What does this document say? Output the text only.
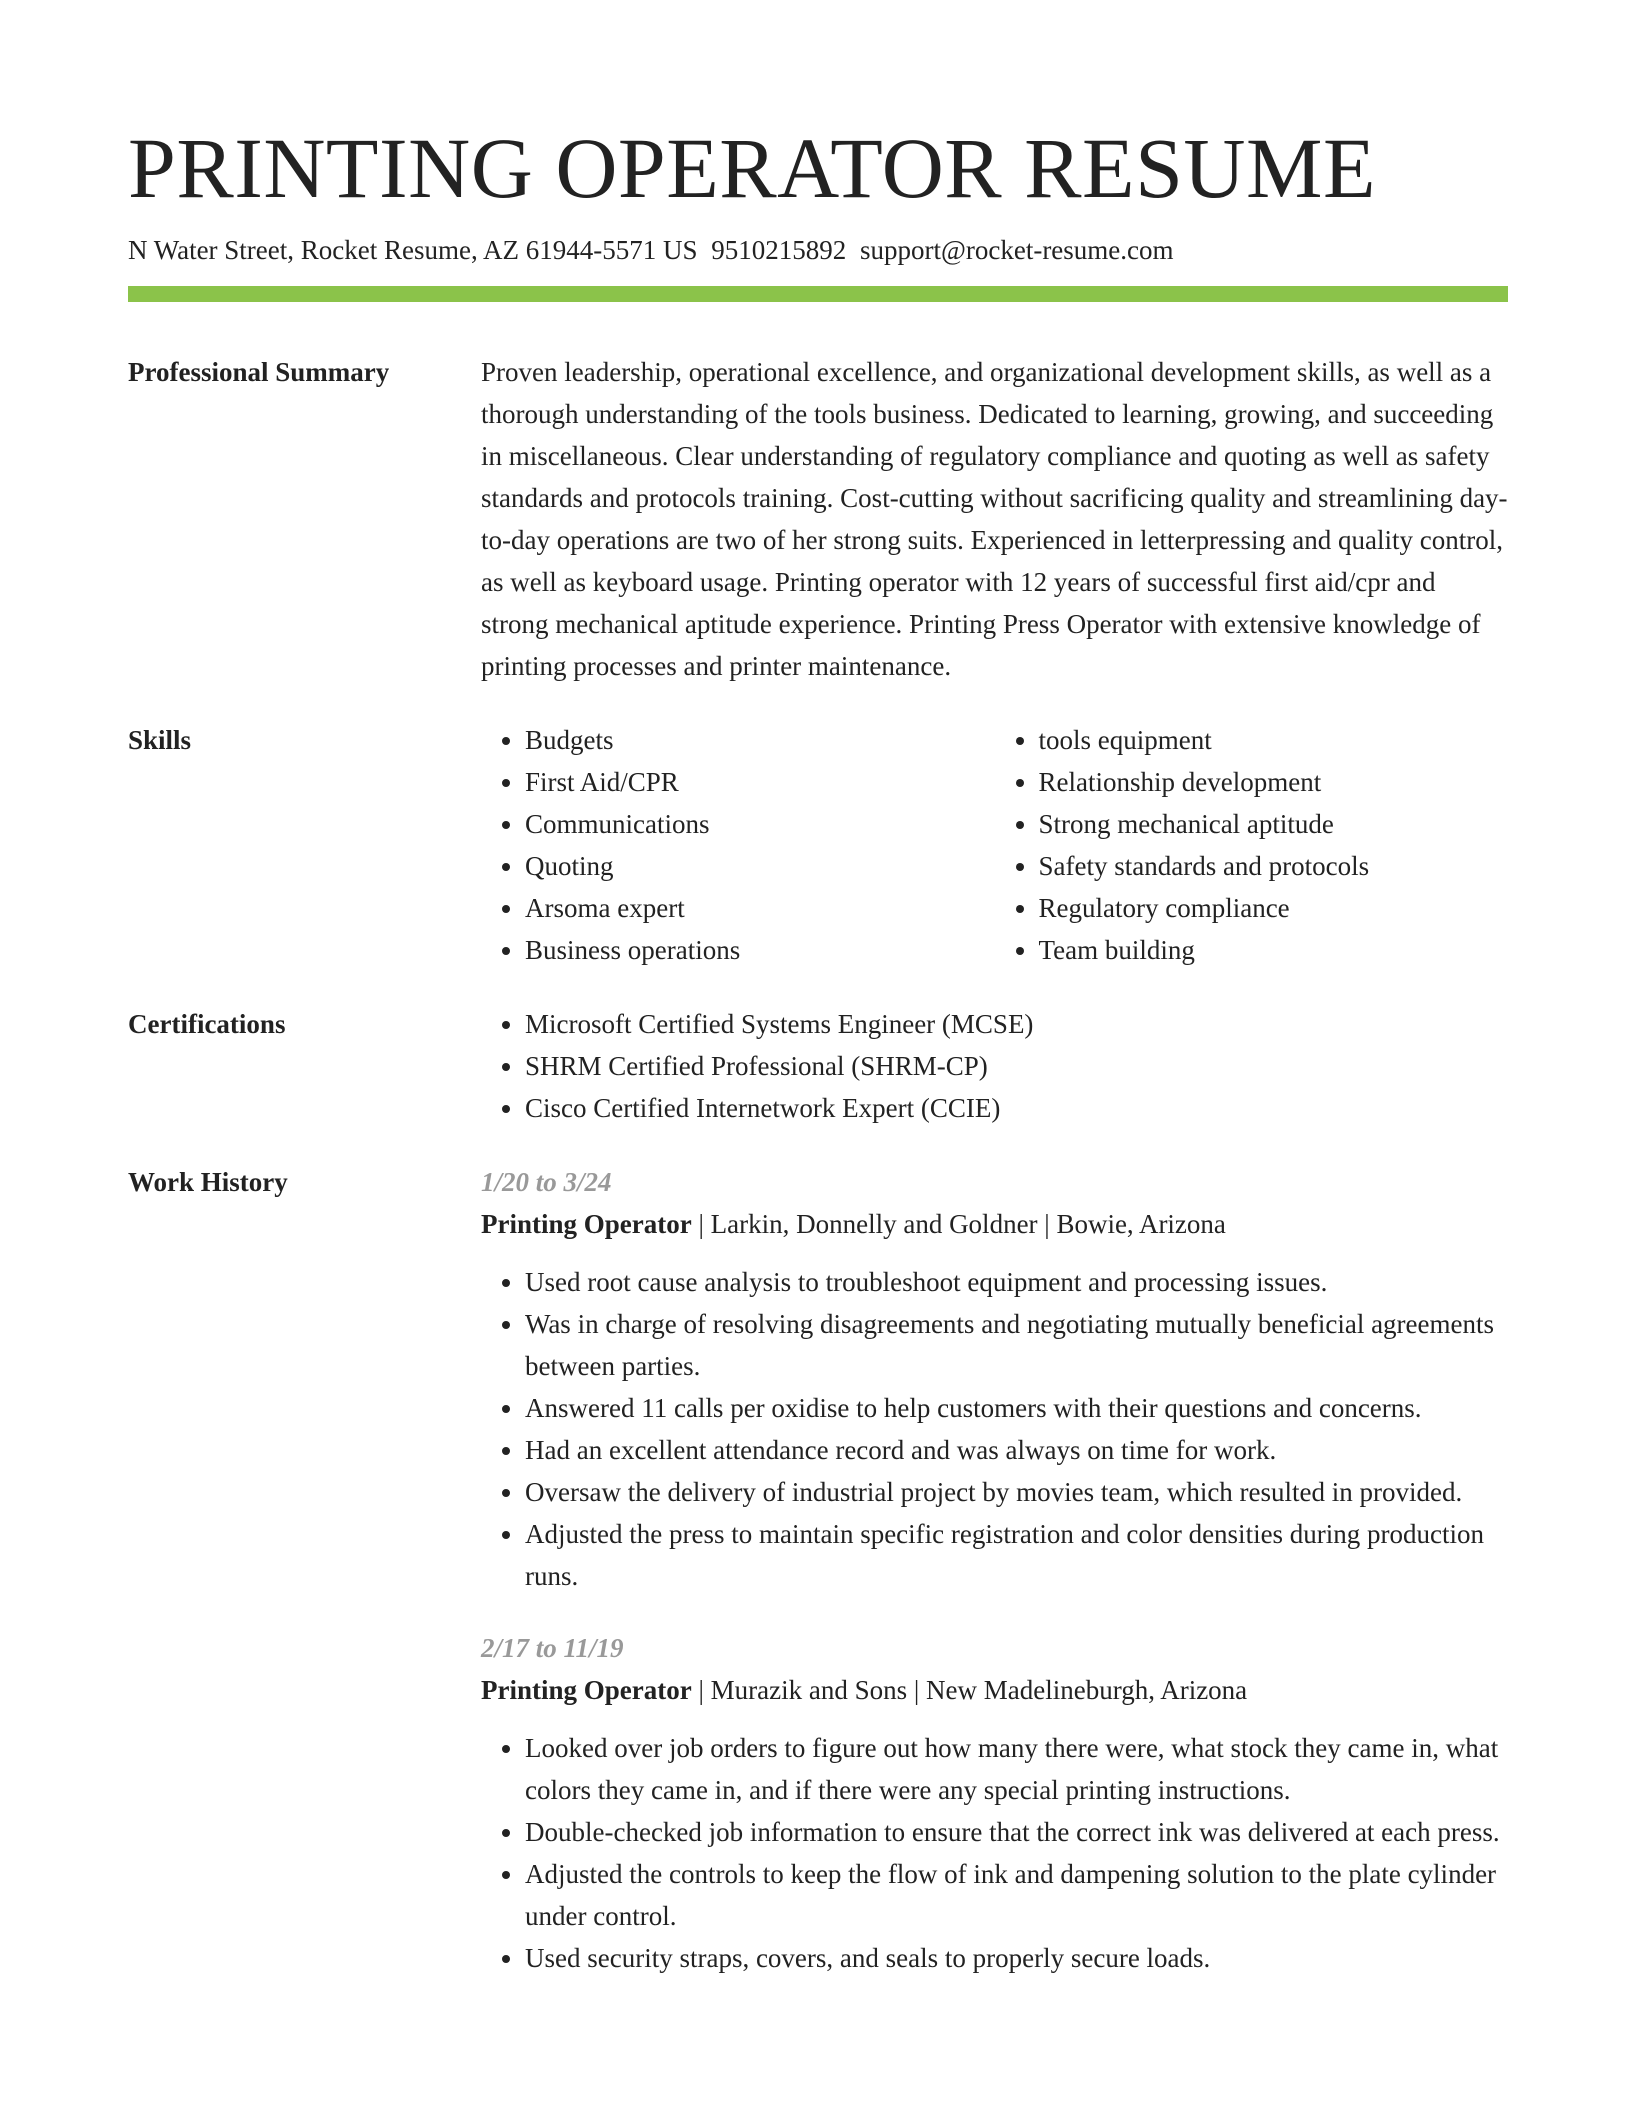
PRINTING OPERATOR RESUME
N Water Street, Rocket Resume, AZ 61944-5571 US 9510215892 support@rocket-resume.com
Professional Summary	Proven leadership, operational excellence, and organizational development skills, as well as a thorough understanding of the tools business. Dedicated to learning, growing, and succeeding in miscellaneous. Clear understanding of regulatory compliance and quoting as well as safety standards and protocols training. Cost-cutting without sacrificing quality and streamlining day-to-day operations are two of her strong suits. Experienced in letterpressing and quality control, as well as keyboard usage. Printing operator with 12 years of successful first aid/cpr and strong mechanical aptitude experience. Printing Press Operator with extensive knowledge of printing processes and printer maintenance.

Skills	• Budgets
• First Aid/CPR
• Communications
• Quoting
• Arsoma expert
• Business operations
• tools equipment
• Relationship development
• Strong mechanical aptitude
• Safety standards and protocols
• Regulatory compliance
• Team building
Certifications	• Microsoft Certified Systems Engineer (MCSE)
• SHRM Certified Professional (SHRM-CP)
• Cisco Certified Internetwork Expert (CCIE)
Work History	1/20 to 3/24
Printing Operator | Larkin, Donnelly and Goldner | Bowie, Arizona
• Used root cause analysis to troubleshoot equipment and processing issues.
• Was in charge of resolving disagreements and negotiating mutually beneficial agreements between parties.
• Answered 11 calls per oxidise to help customers with their questions and concerns.
• Had an excellent attendance record and was always on time for work.
• Oversaw the delivery of industrial project by movies team, which resulted in provided.
• Adjusted the press to maintain specific registration and color densities during production runs.
2/17 to 11/19
Printing Operator | Murazik and Sons | New Madelineburgh, Arizona
• Looked over job orders to figure out how many there were, what stock they came in, what colors they came in, and if there were any special printing instructions.
• Double-checked job information to ensure that the correct ink was delivered at each press.
• Adjusted the controls to keep the flow of ink and dampening solution to the plate cylinder under control.
• Used security straps, covers, and seals to properly secure loads.
